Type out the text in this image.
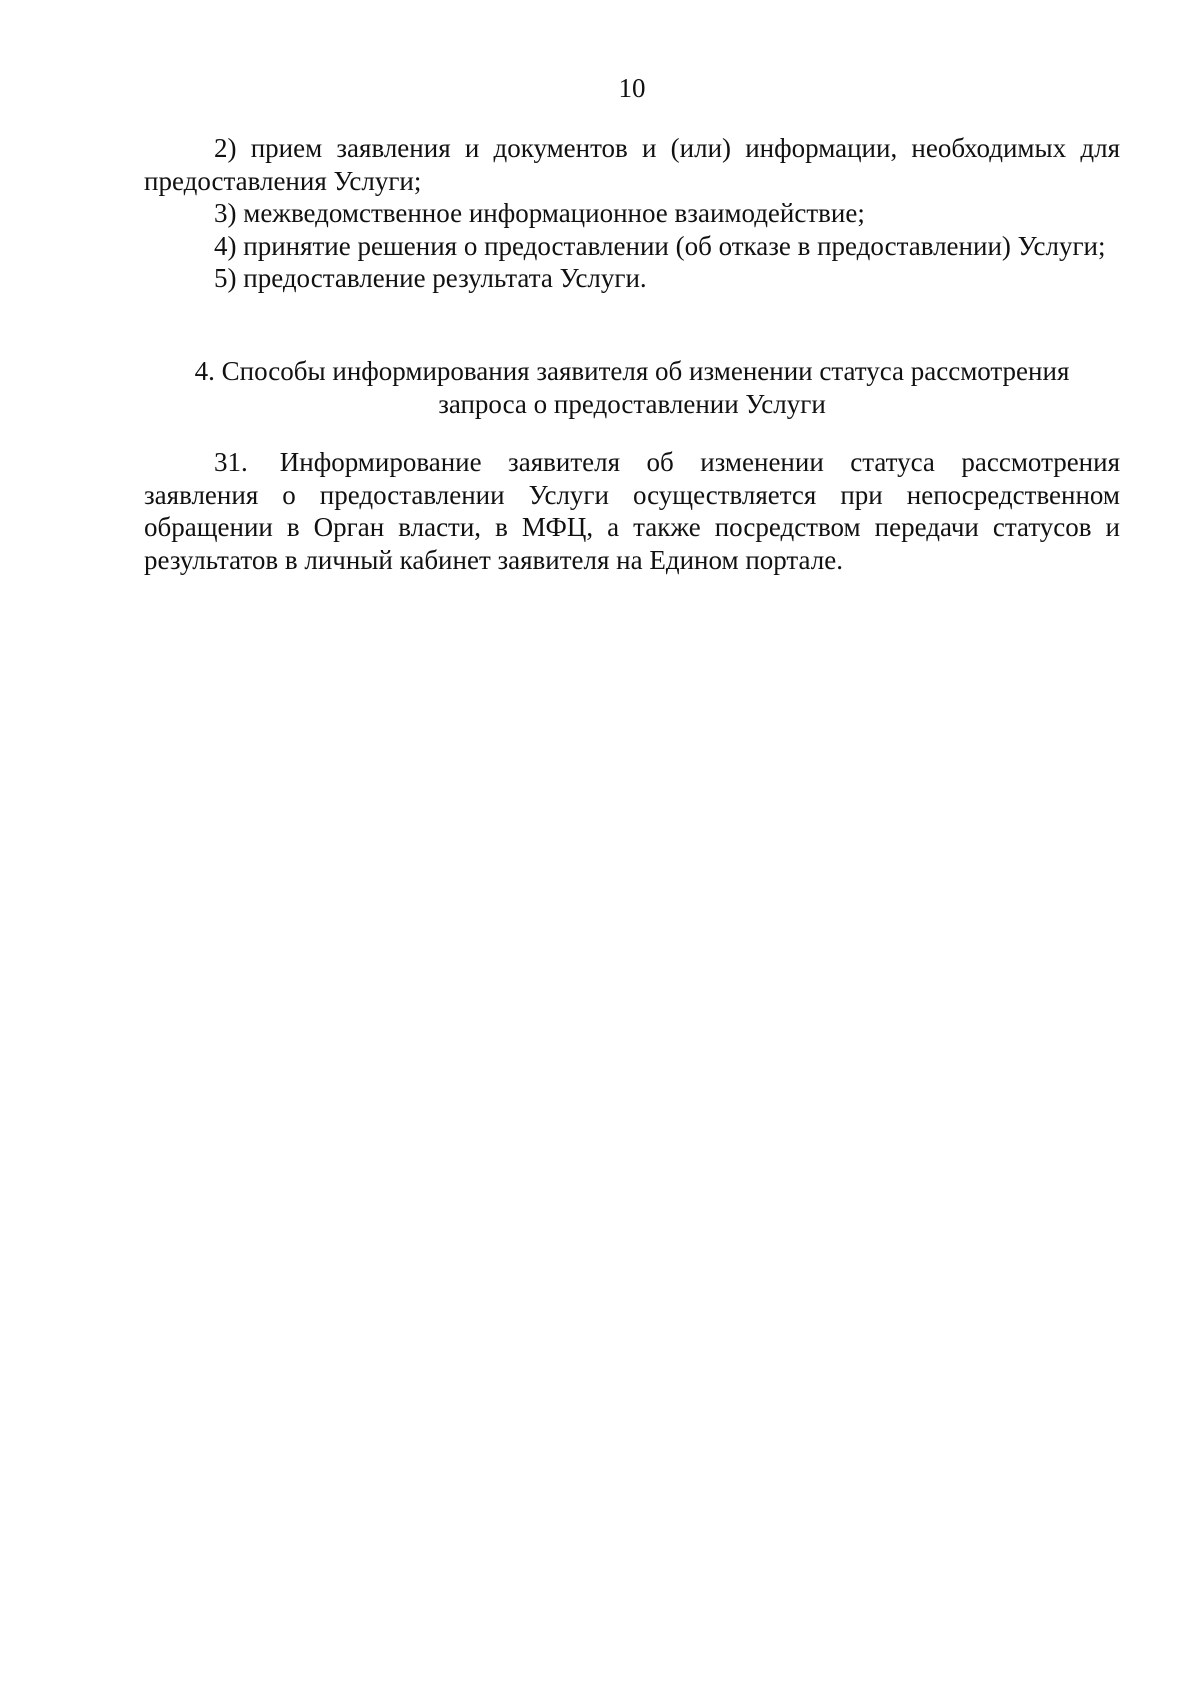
10

2) прием заявления и документов и (или) информации, необходимых для предоставления Услуги;

3) межведомственное информационное взаимодействие;

4) принятие решения о предоставлении (об отказе в предоставлении) Услуги;

5) предоставление результата Услуги.

4. Способы информирования заявителя об изменении статуса рассмотрения
запроса о предоставлении Услуги

31. Информирование заявителя об изменении статуса рассмотрения заявления о предоставлении Услуги осуществляется при непосредственном обращении в Орган власти, в МФЦ, а также посредством передачи статусов и результатов в личный кабинет заявителя на Едином портале.
